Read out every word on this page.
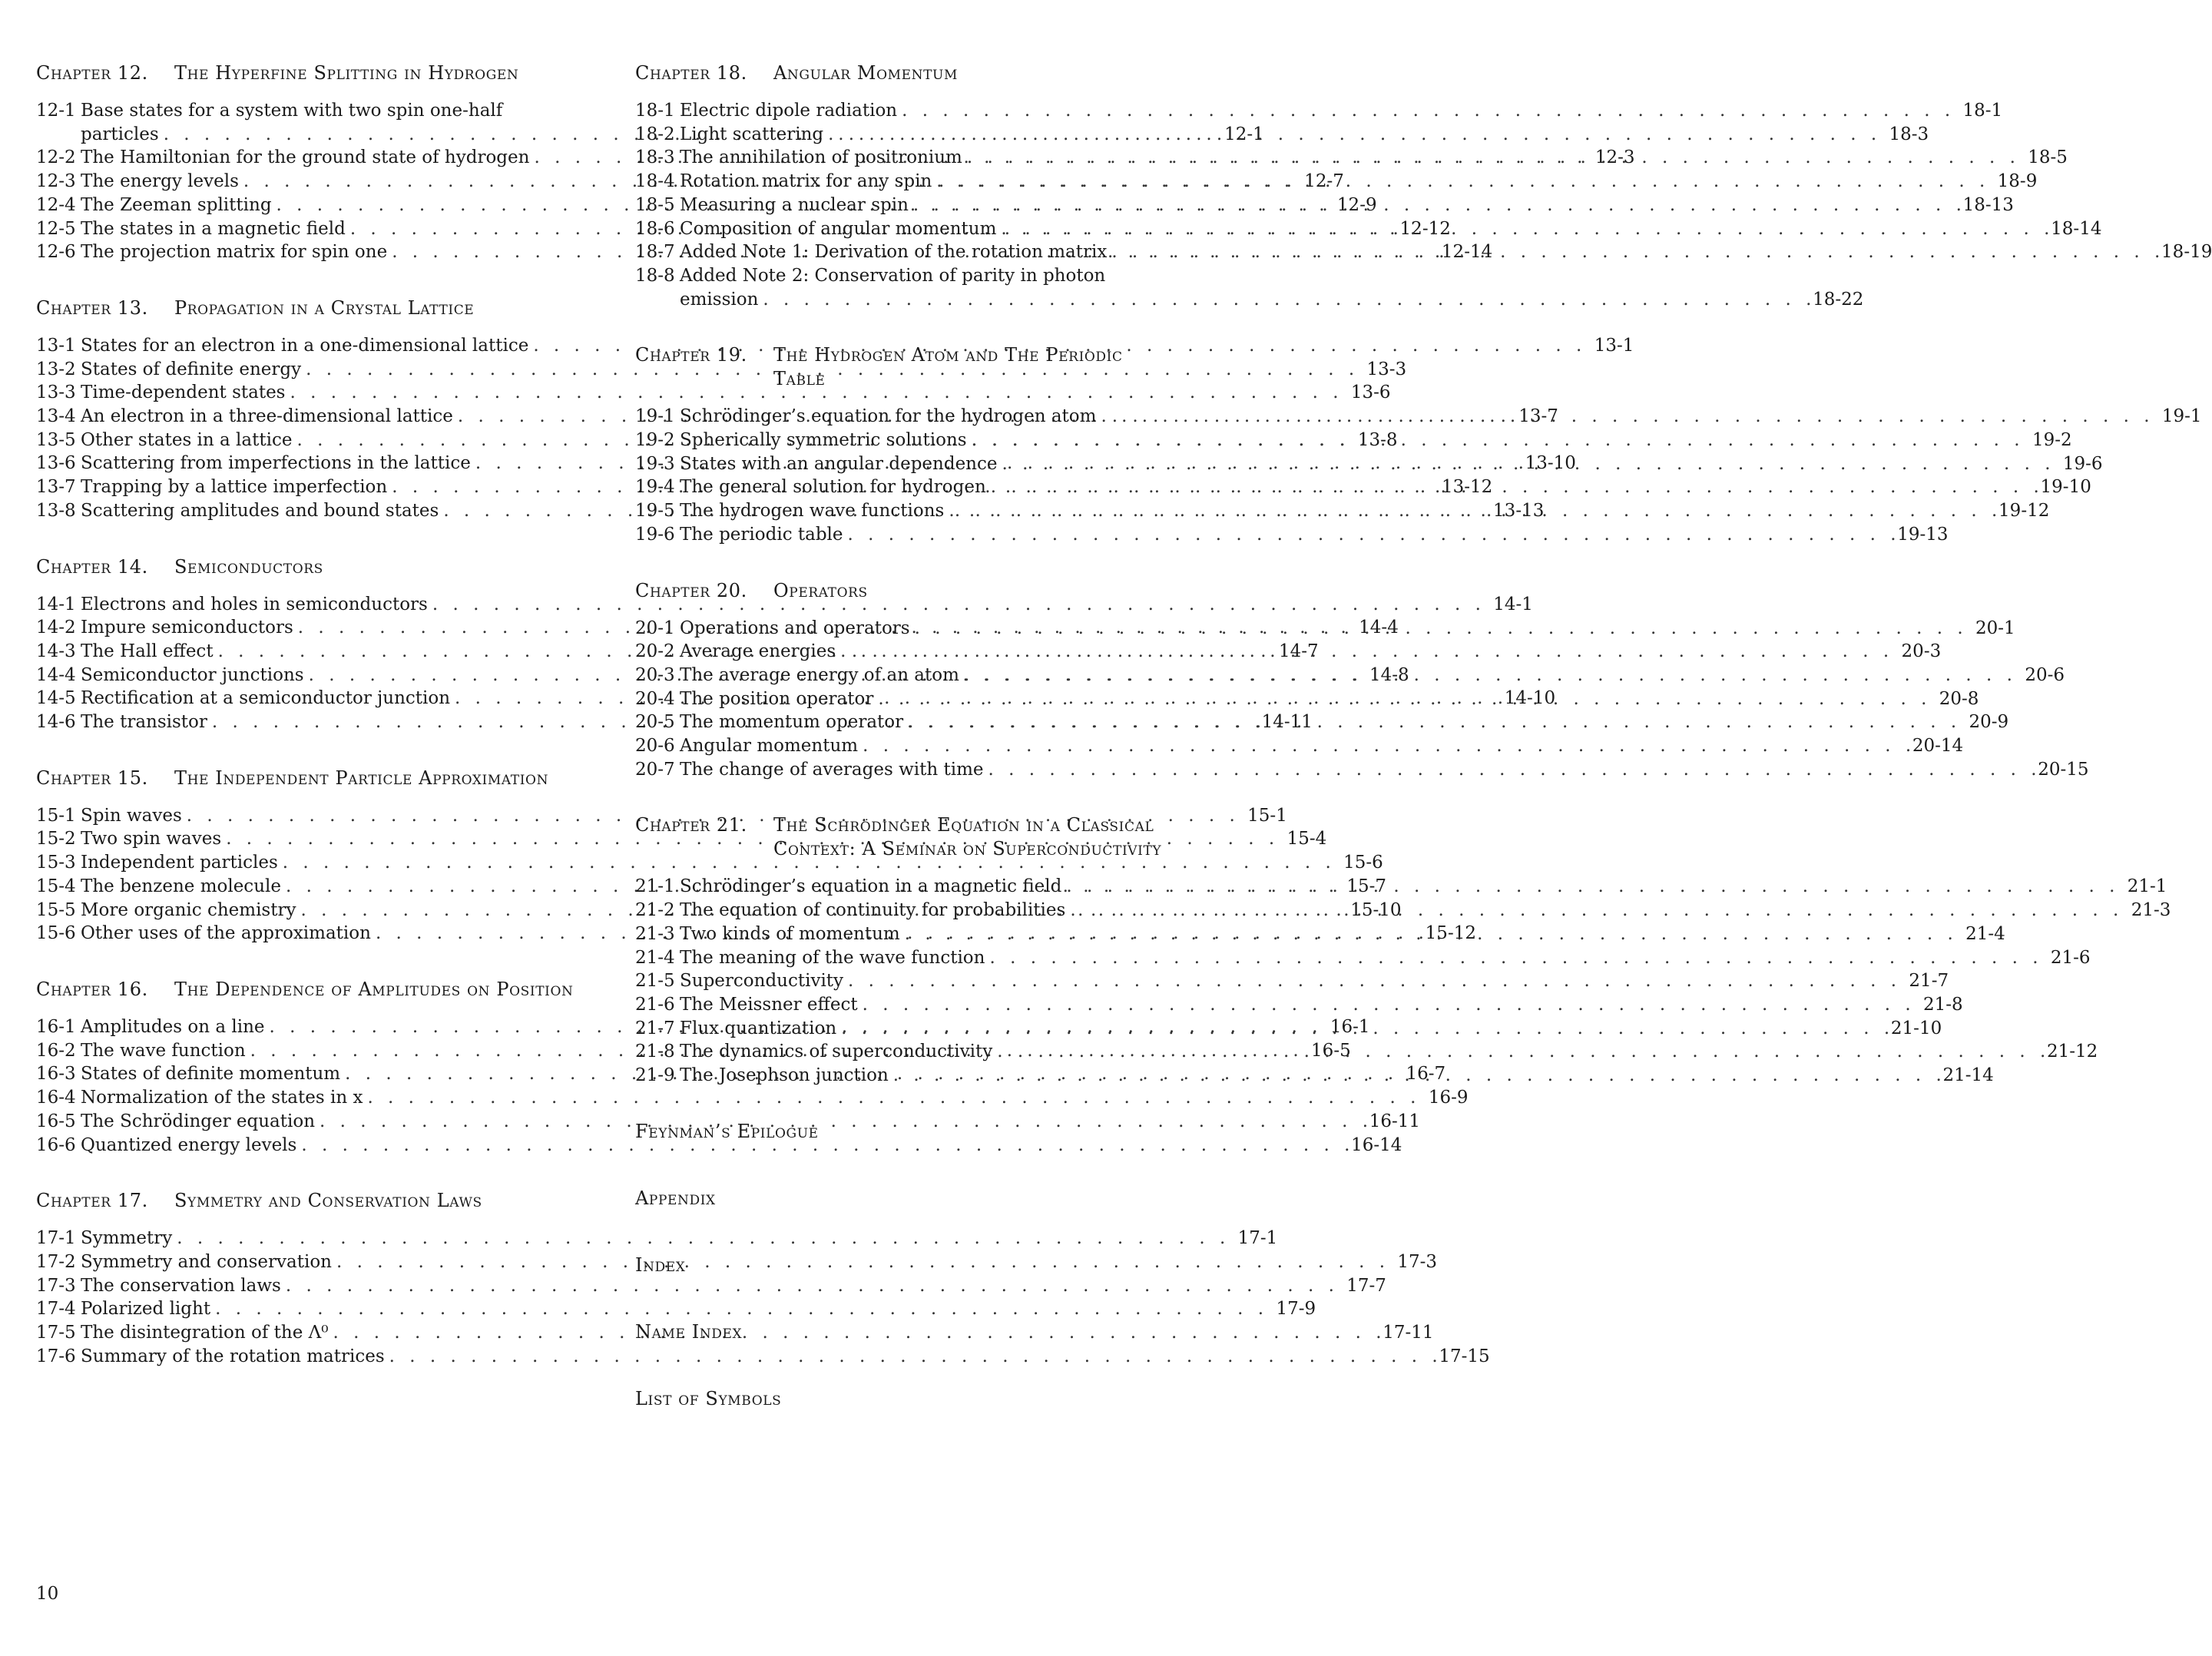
Chapter 12.	The Hyperfine Splitting in Hydrogen
12-1 Base states for a system with two spin one-half
particles . . .	12-1
12-2 The Hamiltonian for the ground state of hydrogen . . .	12-3
12-3 The energy levels . . .	12-7
12-4 The Zeeman splitting . . .	12-9
12-5 The states in a magnetic field . . .	12-12
12-6 The projection matrix for spin one . . .	12-14
Chapter 13.	Propagation in a Crystal Lattice
13-1 States for an electron in a one-dimensional lattice . . .	13-1
13-2 States of definite energy . . .	13-3
13-3 Time-dependent states . . .	13-6
13-4 An electron in a three-dimensional lattice . . .	13-7
13-5 Other states in a lattice . . .	13-8
13-6 Scattering from imperfections in the lattice . . .	13-10
13-7 Trapping by a lattice imperfection . . .	13-12
13-8 Scattering amplitudes and bound states . . .	13-13
Chapter 14.	Semiconductors
14-1 Electrons and holes in semiconductors . . .	14-1
14-2 Impure semiconductors . . .	14-4
14-3 The Hall effect . . .	14-7
14-4 Semiconductor junctions . . .	14-8
14-5 Rectification at a semiconductor junction . . .	14-10
14-6 The transistor . . .	14-11
Chapter 15.	The Independent Particle Approximation
15-1 Spin waves . . .	15-1
15-2 Two spin waves . . .	15-4
15-3 Independent particles . . .	15-6
15-4 The benzene molecule . . .	15-7
15-5 More organic chemistry . . .	15-10
15-6 Other uses of the approximation . . .	15-12
Chapter 16.	The Dependence of Amplitudes on Position
16-1 Amplitudes on a line . . .	16-1
16-2 The wave function . . .	16-5
16-3 States of definite momentum . . .	16-7
16-4 Normalization of the states in x . . .	16-9
16-5 The Schrödinger equation . . .	16-11
16-6 Quantized energy levels . . .	16-14
Chapter 17.	Symmetry and Conservation Laws
17-1 Symmetry . . .	17-1
17-2 Symmetry and conservation . . .	17-3
17-3 The conservation laws . . .	17-7
17-4 Polarized light . . .	17-9
17-5 The disintegration of the Λ⁰ . . .	17-11
17-6 Summary of the rotation matrices . . .	17-15
Chapter 18.	Angular Momentum
18-1 Electric dipole radiation . . .	18-1
18-2 Light scattering . . .	18-3
18-3 The annihilation of positronium . . .	18-5
18-4 Rotation matrix for any spin . . .	18-9
18-5 Measuring a nuclear spin . . .	18-13
18-6 Composition of angular momentum . . .	18-14
18-7 Added Note 1: Derivation of the rotation matrix . . .	18-19
18-8 Added Note 2: Conservation of parity in photon
emission . . .	18-22
Chapter 19.	The Hydrogen Atom and The Periodic Table
19-1 Schrödinger’s equation for the hydrogen atom . . .	19-1
19-2 Spherically symmetric solutions . . .	19-2
19-3 States with an angular dependence . . .	19-6
19-4 The general solution for hydrogen . . .	19-10
19-5 The hydrogen wave functions . . .	19-12
19-6 The periodic table . . .	19-13
Chapter 20.	Operators
20-1 Operations and operators . . .	20-1
20-2 Average energies . . .	20-3
20-3 The average energy of an atom . . .	20-6
20-4 The position operator . . .	20-8
20-5 The momentum operator . . .	20-9
20-6 Angular momentum . . .	20-14
20-7 The change of averages with time . . .	20-15
Chapter 21.	The Schrödinger Equation in a Classical Context: A Seminar on Superconductivity
21-1 Schrödinger’s equation in a magnetic field . . .	21-1
21-2 The equation of continuity for probabilities . . .	21-3
21-3 Two kinds of momentum . . .	21-4
21-4 The meaning of the wave function . . .	21-6
21-5 Superconductivity . . .	21-7
21-6 The Meissner effect . . .	21-8
21-7 Flux quantization . . .	21-10
21-8 The dynamics of superconductivity . . .	21-12
21-9 The Josephson junction . . .	21-14
Feynman’s Epilogue
Appendix
Index
Name Index
List of Symbols
10
